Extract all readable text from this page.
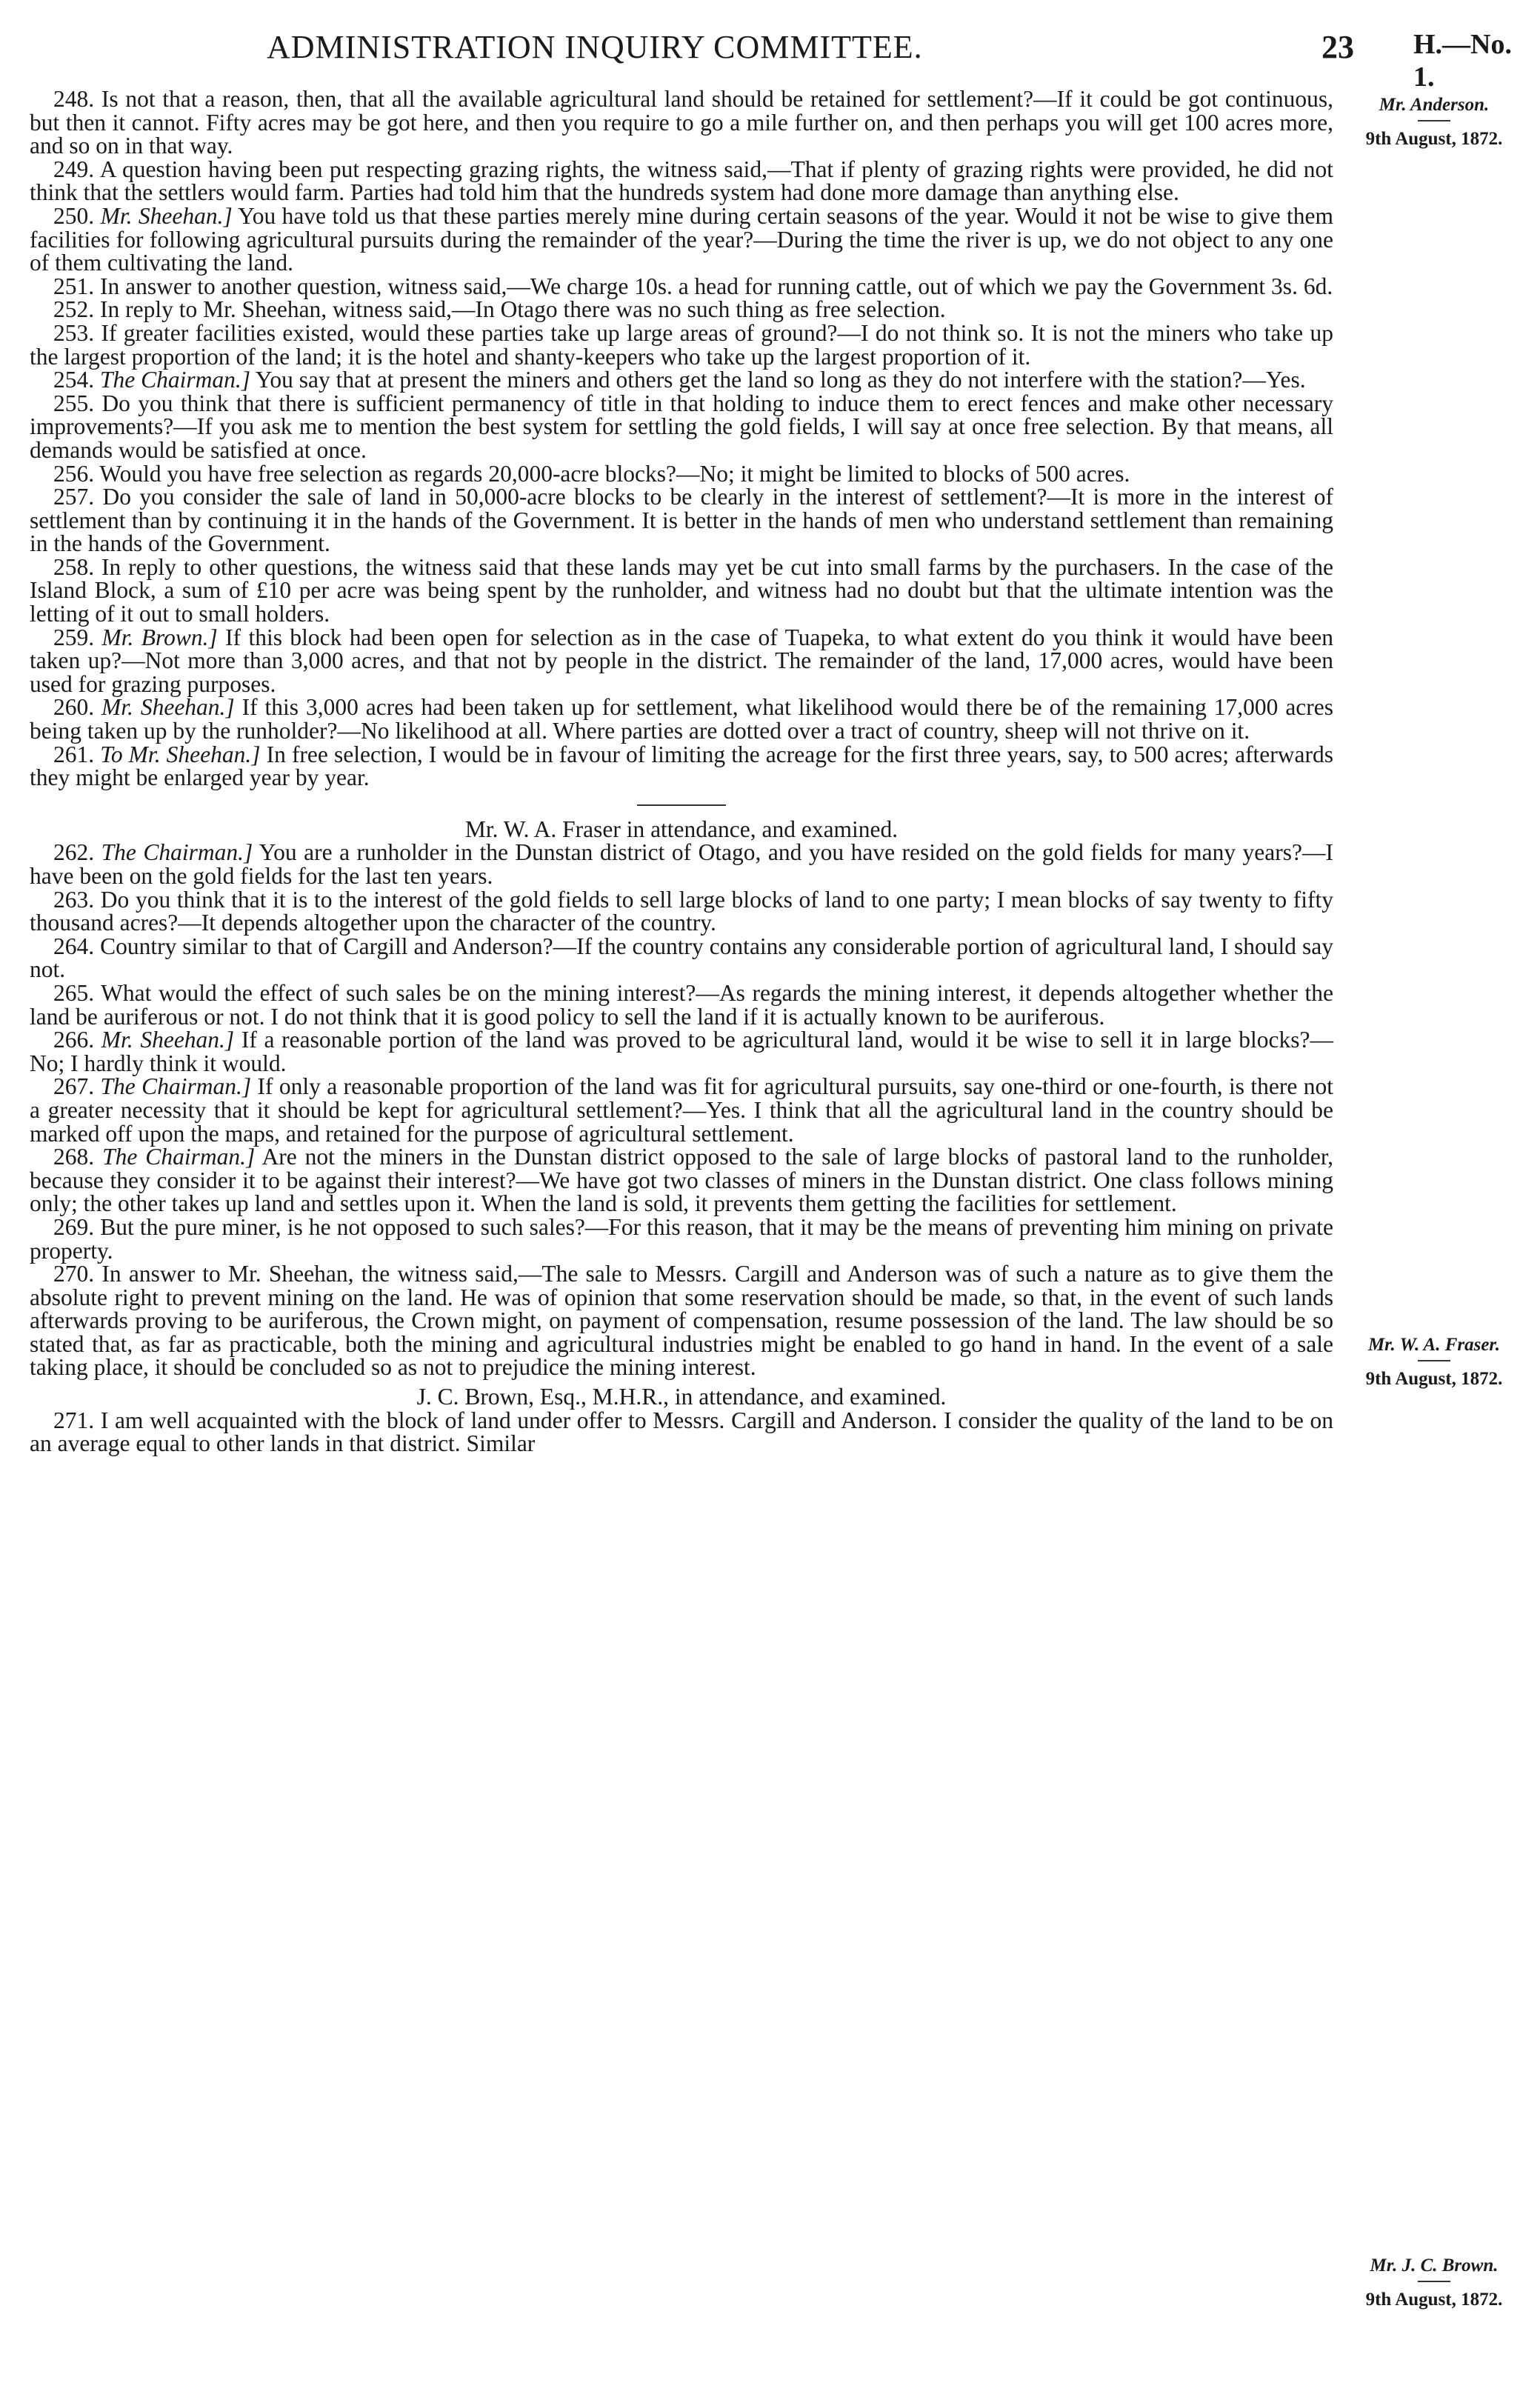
ADMINISTRATION INQUIRY COMMITTEE.	23 H.—No. 1.
Mr. Anderson.
9th August, 1872.
Mr. W. A. Fraser.
9th August, 1872.
Mr. J. C. Brown.
9th August, 1872.

248. Is not that a reason, then, that all the available agricultural land should be retained for settlement?—If it could be got continuous, but then it cannot. Fifty acres may be got here, and then you require to go a mile further on, and then perhaps you will get 100 acres more, and so on in that way.

249. A question having been put respecting grazing rights, the witness said,—That if plenty of grazing rights were provided, he did not think that the settlers would farm. Parties had told him that the hundreds system had done more damage than anything else.

250. Mr. Sheehan.] You have told us that these parties merely mine during certain seasons of the year. Would it not be wise to give them facilities for following agricultural pursuits during the remainder of the year?—During the time the river is up, we do not object to any one of them cultivating the land.

251. In answer to another question, witness said,—We charge 10s. a head for running cattle, out of which we pay the Government 3s. 6d.

252. In reply to Mr. Sheehan, witness said,—In Otago there was no such thing as free selection.

253. If greater facilities existed, would these parties take up large areas of ground?—I do not think so. It is not the miners who take up the largest proportion of the land; it is the hotel and shanty-keepers who take up the largest proportion of it.

254. The Chairman.] You say that at present the miners and others get the land so long as they do not interfere with the station?—Yes.

255. Do you think that there is sufficient permanency of title in that holding to induce them to erect fences and make other necessary improvements?—If you ask me to mention the best system for settling the gold fields, I will say at once free selection. By that means, all demands would be satisfied at once.

256. Would you have free selection as regards 20,000-acre blocks?—No; it might be limited to blocks of 500 acres.

257. Do you consider the sale of land in 50,000-acre blocks to be clearly in the interest of settlement?—It is more in the interest of settlement than by continuing it in the hands of the Government. It is better in the hands of men who understand settlement than remaining in the hands of the Government.

258. In reply to other questions, the witness said that these lands may yet be cut into small farms by the purchasers. In the case of the Island Block, a sum of £10 per acre was being spent by the runholder, and witness had no doubt but that the ultimate intention was the letting of it out to small holders.

259. Mr. Brown.] If this block had been open for selection as in the case of Tuapeka, to what extent do you think it would have been taken up?—Not more than 3,000 acres, and that not by people in the district. The remainder of the land, 17,000 acres, would have been used for grazing purposes.

260. Mr. Sheehan.] If this 3,000 acres had been taken up for settlement, what likelihood would there be of the remaining 17,000 acres being taken up by the runholder?—No likelihood at all. Where parties are dotted over a tract of country, sheep will not thrive on it.

261. To Mr. Sheehan.] In free selection, I would be in favour of limiting the acreage for the first three years, say, to 500 acres; afterwards they might be enlarged year by year.

Mr. W. A. Fraser in attendance, and examined.

262. The Chairman.] You are a runholder in the Dunstan district of Otago, and you have resided on the gold fields for many years?—I have been on the gold fields for the last ten years.

263. Do you think that it is to the interest of the gold fields to sell large blocks of land to one party; I mean blocks of say twenty to fifty thousand acres?—It depends altogether upon the character of the country.

264. Country similar to that of Cargill and Anderson?—If the country contains any considerable portion of agricultural land, I should say not.

265. What would the effect of such sales be on the mining interest?—As regards the mining interest, it depends altogether whether the land be auriferous or not. I do not think that it is good policy to sell the land if it is actually known to be auriferous.

266. Mr. Sheehan.] If a reasonable portion of the land was proved to be agricultural land, would it be wise to sell it in large blocks?—No; I hardly think it would.

267. The Chairman.] If only a reasonable proportion of the land was fit for agricultural pursuits, say one-third or one-fourth, is there not a greater necessity that it should be kept for agricultural settlement?—Yes. I think that all the agricultural land in the country should be marked off upon the maps, and retained for the purpose of agricultural settlement.

268. The Chairman.] Are not the miners in the Dunstan district opposed to the sale of large blocks of pastoral land to the runholder, because they consider it to be against their interest?—We have got two classes of miners in the Dunstan district. One class follows mining only; the other takes up land and settles upon it. When the land is sold, it prevents them getting the facilities for settlement.

269. But the pure miner, is he not opposed to such sales?—For this reason, that it may be the means of preventing him mining on private property.

270. In answer to Mr. Sheehan, the witness said,—The sale to Messrs. Cargill and Anderson was of such a nature as to give them the absolute right to prevent mining on the land. He was of opinion that some reservation should be made, so that, in the event of such lands afterwards proving to be auriferous, the Crown might, on payment of compensation, resume possession of the land. The law should be so stated that, as far as practicable, both the mining and agricultural industries might be enabled to go hand in hand. In the event of a sale taking place, it should be concluded so as not to prejudice the mining interest.

J. C. Brown, Esq., M.H.R., in attendance, and examined.

271. I am well acquainted with the block of land under offer to Messrs. Cargill and Anderson. I consider the quality of the land to be on an average equal to other lands in that district. Similar
